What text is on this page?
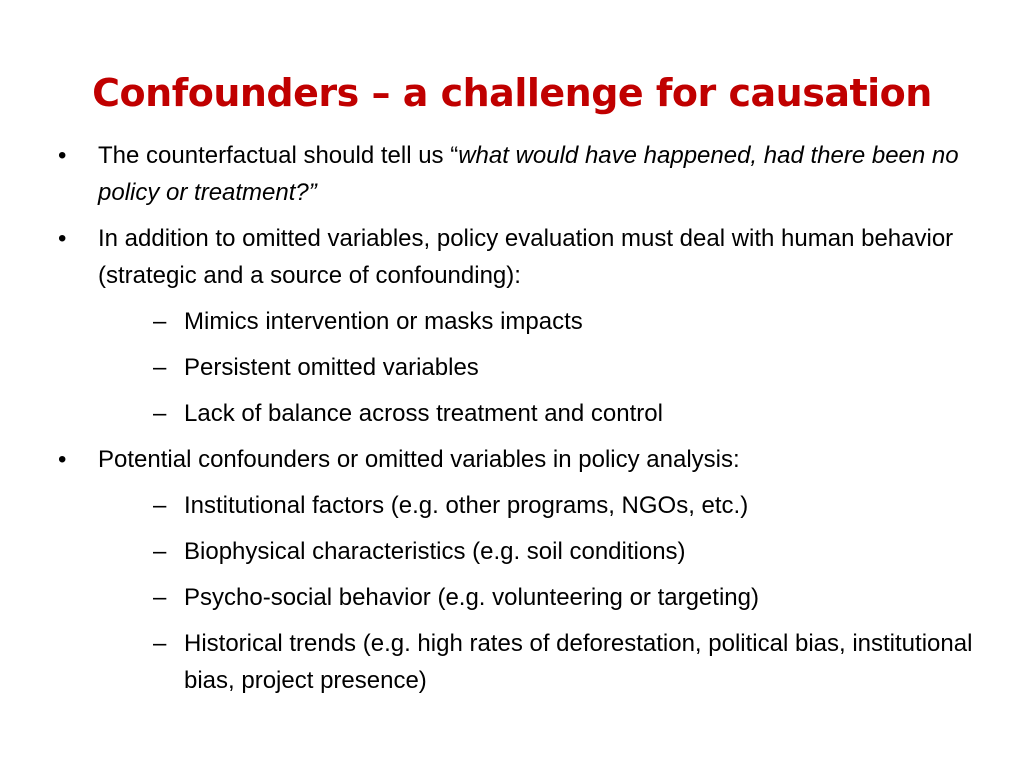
Confounders – a challenge for causation
•	The counterfactual should tell us “what would have happened, had there been no policy or treatment?”
•	In addition to omitted variables, policy evaluation must deal with human behavior (strategic and a source of confounding):
– Mimics intervention or masks impacts
– Persistent omitted variables
– Lack of balance across treatment and control
•	Potential confounders or omitted variables in policy analysis:
– Institutional factors (e.g. other programs, NGOs, etc.)
– Biophysical characteristics (e.g. soil conditions)
– Psycho-social behavior (e.g. volunteering or targeting)
– Historical trends (e.g. high rates of deforestation, political bias, institutional bias, project presence)
